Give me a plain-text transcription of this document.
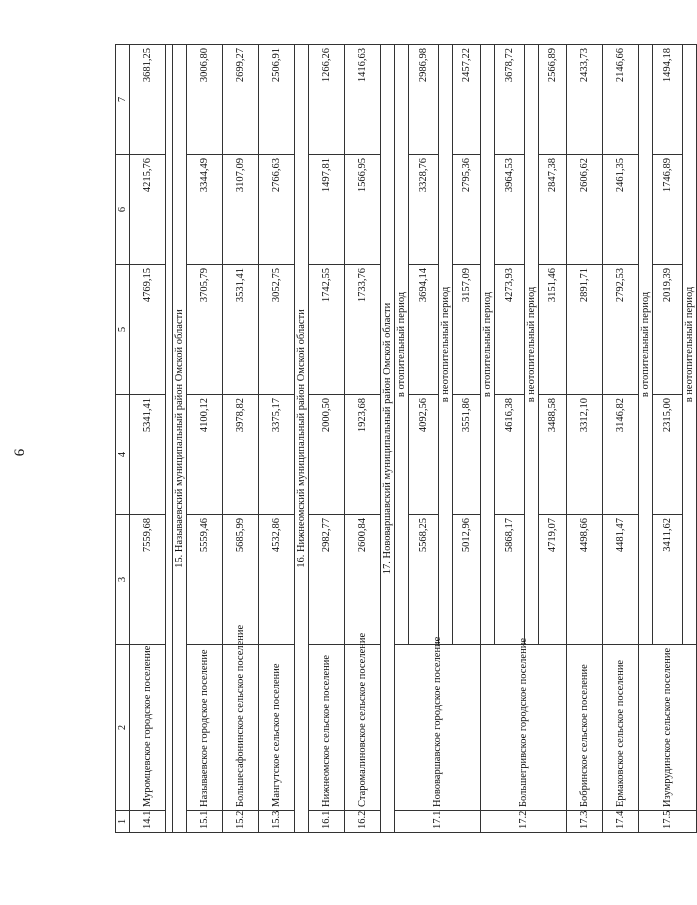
9
1	2	3	4	5	6	7
14.1	Муромцевское городское поселение	7559,68	5341,41	4769,15	4215,76	3681,25

15. Называевский муниципальный район Омской области						
15.1	Называевское городское поселение	5559,46	4100,12	3705,79	3344,49	3006,80
15.2	Большесафонинское сельское поселение	5685,99	3978,82	3531,41	3107,09	2699,27
15.3	Мангутское сельское поселение	4532,86	3375,17	3052,75	2766,63	2506,91
16. Нижнеомский муниципальный район Омской области						
16.1	Нижнеомское сельское поселение	2982,77	2000,50	1742,55	1497,81	1266,26
16.2	Старомалиновское сельское поселение	2600,84	1923,68	1733,76	1566,95	1416,63
17. Нововаршавский муниципальный район Омской области						
17.1	Нововаршавское городское поселение	в отопительный период				
		5568,25	4092,56	3694,14	3328,76	2986,98
		в неотопительный период				
		5012,96	3551,86	3157,09	2795,36	2457,22
17.2	Большегривское городское поселение	в отопительный период				
		5868,17	4616,38	4273,93	3964,53	3678,72
		в неотопительный период				
		4719,07	3488,58	3151,46	2847,38	2566,89
17.3	Бобринское сельское поселение	4498,66	3312,10	2891,71	2606,62	2433,73
17.4	Ермаковское сельское поселение	4481,47	3146,82	2792,53	2461,35	2146,66
17.5	Изумрудинское сельское поселение	в отопительный период				
		3411,62	2315,00	2019,39	1746,89	1494,18
		в неотопительный период				
